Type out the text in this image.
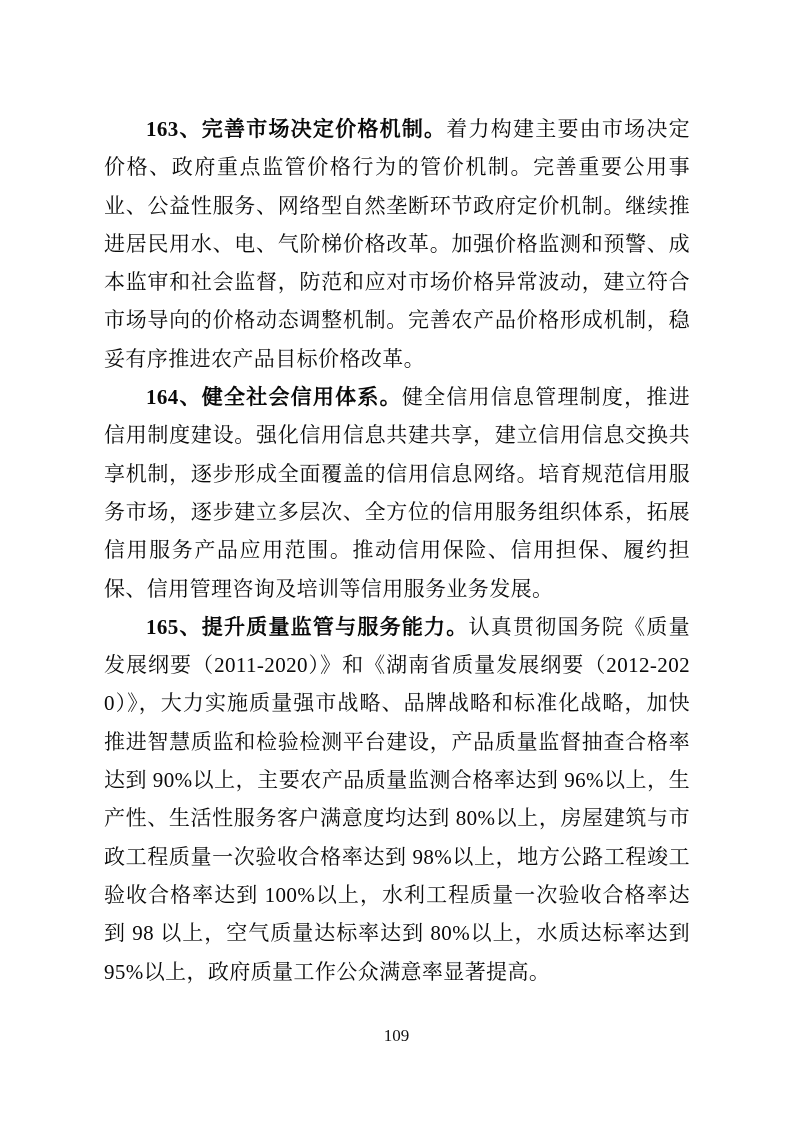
163、完善市场决定价格机制。着力构建主要由市场决定价格、政府重点监管价格行为的管价机制。完善重要公用事业、公益性服务、网络型自然垄断环节政府定价机制。继续推进居民用水、电、气阶梯价格改革。加强价格监测和预警、成本监审和社会监督，防范和应对市场价格异常波动，建立符合市场导向的价格动态调整机制。完善农产品价格形成机制，稳妥有序推进农产品目标价格改革。

164、健全社会信用体系。健全信用信息管理制度，推进信用制度建设。强化信用信息共建共享，建立信用信息交换共享机制，逐步形成全面覆盖的信用信息网络。培育规范信用服务市场，逐步建立多层次、全方位的信用服务组织体系，拓展信用服务产品应用范围。推动信用保险、信用担保、履约担保、信用管理咨询及培训等信用服务业务发展。

165、提升质量监管与服务能力。认真贯彻国务院《质量发展纲要（2011-2020）》和《湖南省质量发展纲要（2012-2020）》，大力实施质量强市战略、品牌战略和标准化战略，加快推进智慧质监和检验检测平台建设，产品质量监督抽查合格率达到 90%以上，主要农产品质量监测合格率达到 96%以上，生产性、生活性服务客户满意度均达到 80%以上，房屋建筑与市政工程质量一次验收合格率达到 98%以上，地方公路工程竣工验收合格率达到 100%以上，水利工程质量一次验收合格率达到 98 以上，空气质量达标率达到 80%以上，水质达标率达到 95%以上，政府质量工作公众满意率显著提高。

109
